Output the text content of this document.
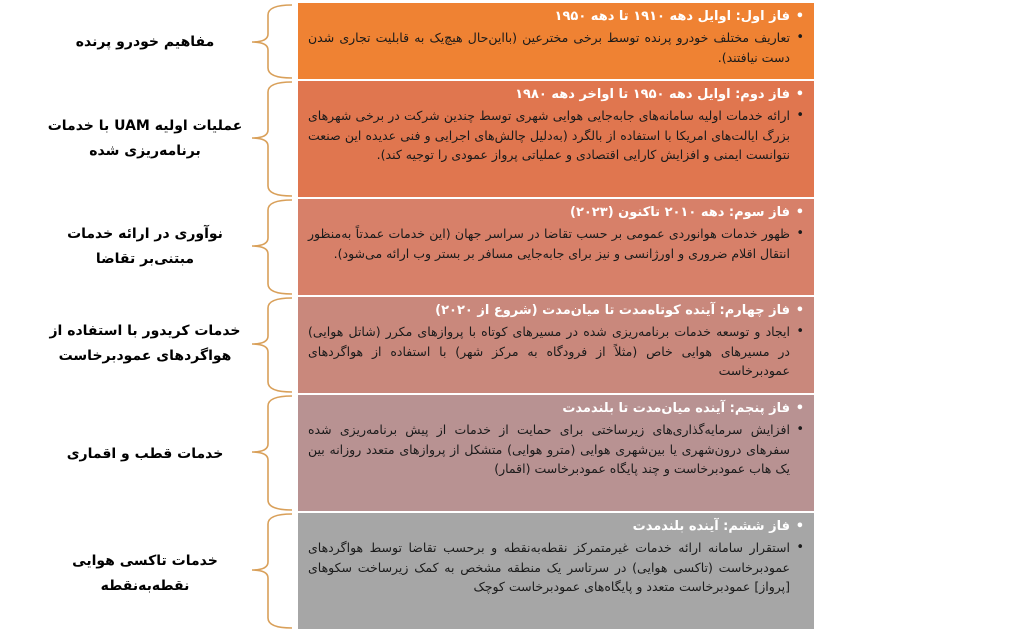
مفاهیم خودرو پرنده
•
فاز اول: اوایل دهه ۱۹۱۰ تا دهه ۱۹۵۰
•
تعاریف مختلف خودرو پرنده توسط برخی مخترعین (بااین‌حال هیچ‌یک به قابلیت تجاری شدن دست نیافتند).
عملیات اولیه UAM با خدمات برنامه‌ریزی شده
•
فاز دوم: اوایل دهه ۱۹۵۰ تا اواخر دهه ۱۹۸۰
•
ارائه خدمات اولیه سامانه‌های جابه‌جایی هوایی شهری توسط چندین شرکت در برخی شهرهای بزرگ ایالت‌های امریکا با استفاده از بالگرد (به‌دلیل چالش‌های اجرایی و فنی عدیده این صنعت نتوانست ایمنی و افزایش کارایی اقتصادی و عملیاتی پرواز عمودی را توجیه کند).
نوآوری در ارائه خدمات مبتنی‌بر تقاضا
•
فاز سوم: دهه ۲۰۱۰ تاکنون (۲۰۲۳)
•
ظهور خدمات هوانوردی عمومی بر حسب تقاضا در سراسر جهان (این خدمات عمدتاً به‌منظور انتقال اقلام ضروری و اورژانسی و نیز برای جابه‌جایی مسافر بر بستر وب ارائه می‌شود).
خدمات کریدور با استفاده از هواگردهای عمودبرخاست
•
فاز چهارم: آینده کوتاه‌مدت تا میان‌مدت (شروع از ۲۰۲۰)
•
ایجاد و توسعه خدمات برنامه‌ریزی شده در مسیرهای کوتاه با پروازهای مکرر (شاتل هوایی) در مسیرهای هوایی خاص (مثلاً از فرودگاه به مرکز شهر) با استفاده از هواگردهای عمودبرخاست
خدمات قطب و اقماری
•
فاز پنجم: آینده میان‌مدت تا بلندمدت
•
افزایش سرمایه‌گذاری‌های زیرساختی برای حمایت از خدمات از پیش برنامه‌ریزی شده سفرهای درون‌شهری یا بین‌شهری هوایی (مترو هوایی) متشکل از پروازهای متعدد روزانه بین یک هاب عمودبرخاست و چند پایگاه عمودبرخاست (اقمار)
خدمات تاکسی هوایی نقطه‌به‌نقطه
•
فاز ششم: آینده بلندمدت
•
استقرار سامانه ارائه خدمات غیرمتمرکز نقطه‌به‌نقطه و برحسب تقاضا توسط هواگردهای عمودبرخاست (تاکسی هوایی) در سرتاسر یک منطقه مشخص به کمک زیرساخت سکوهای [پرواز] عمودبرخاست متعدد و پایگاه‌های عمودبرخاست کوچک
